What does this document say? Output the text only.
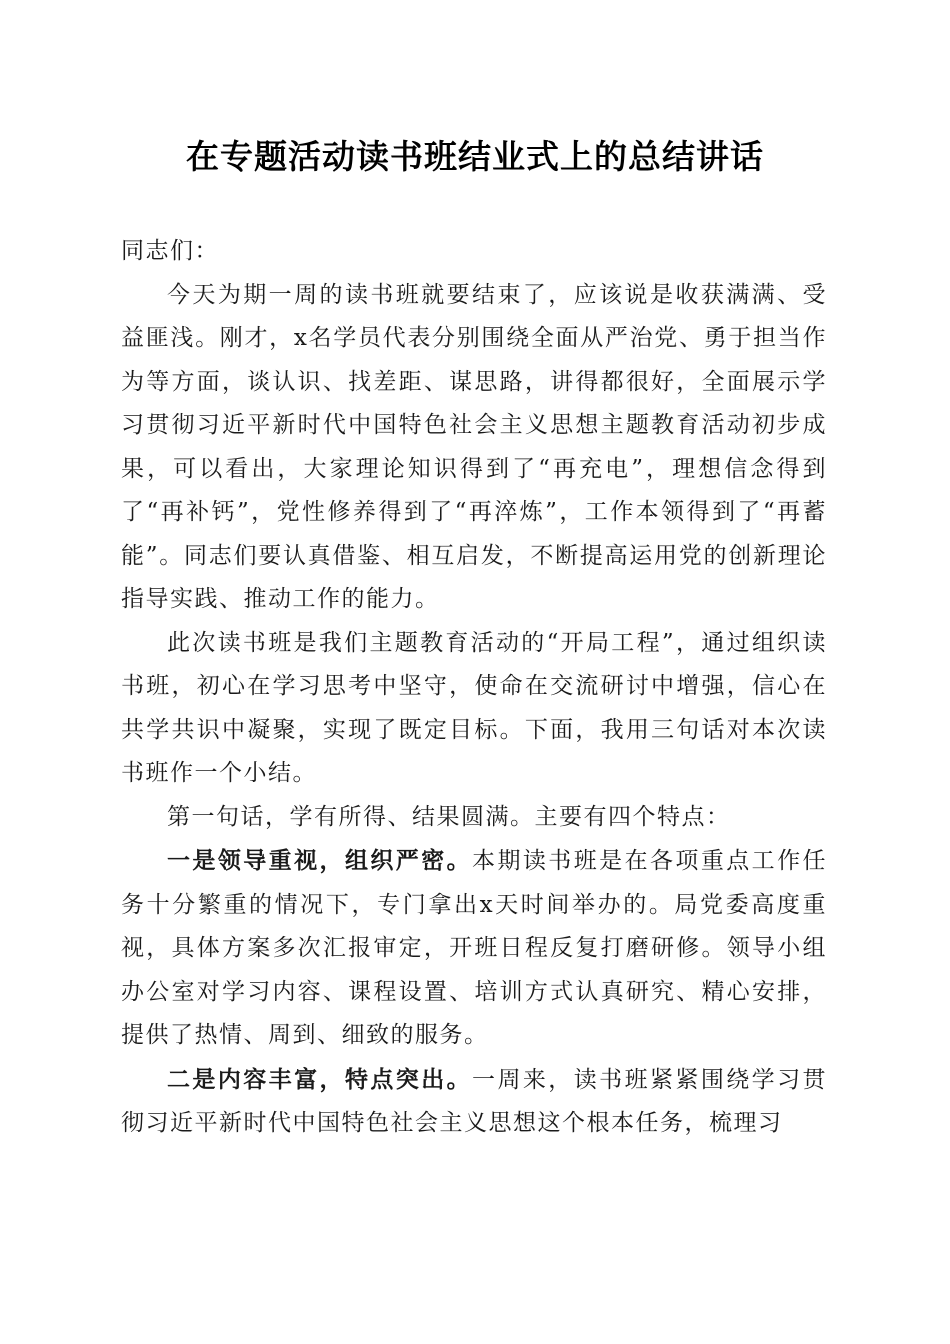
在专题活动读书班结业式上的总结讲话

同志们：

今天为期一周的读书班就要结束了，应该说是收获满满、受益匪浅。刚才，x名学员代表分别围绕全面从严治党、勇于担当作为等方面，谈认识、找差距、谋思路，讲得都很好，全面展示学习贯彻习近平新时代中国特色社会主义思想主题教育活动初步成果，可以看出，大家理论知识得到了“再充电”，理想信念得到了“再补钙”，党性修养得到了“再淬炼”，工作本领得到了“再蓄能”。同志们要认真借鉴、相互启发，不断提高运用党的创新理论指导实践、推动工作的能力。

此次读书班是我们主题教育活动的“开局工程”，通过组织读书班，初心在学习思考中坚守，使命在交流研讨中增强，信心在共学共识中凝聚，实现了既定目标。下面，我用三句话对本次读书班作一个小结。

第一句话，学有所得、结果圆满。主要有四个特点：

一是领导重视，组织严密。本期读书班是在各项重点工作任务十分繁重的情况下，专门拿出x天时间举办的。局党委高度重视，具体方案多次汇报审定，开班日程反复打磨研修。领导小组办公室对学习内容、课程设置、培训方式认真研究、精心安排，提供了热情、周到、细致的服务。

二是内容丰富，特点突出。一周来，读书班紧紧围绕学习贯彻习近平新时代中国特色社会主义思想这个根本任务，梳理习
